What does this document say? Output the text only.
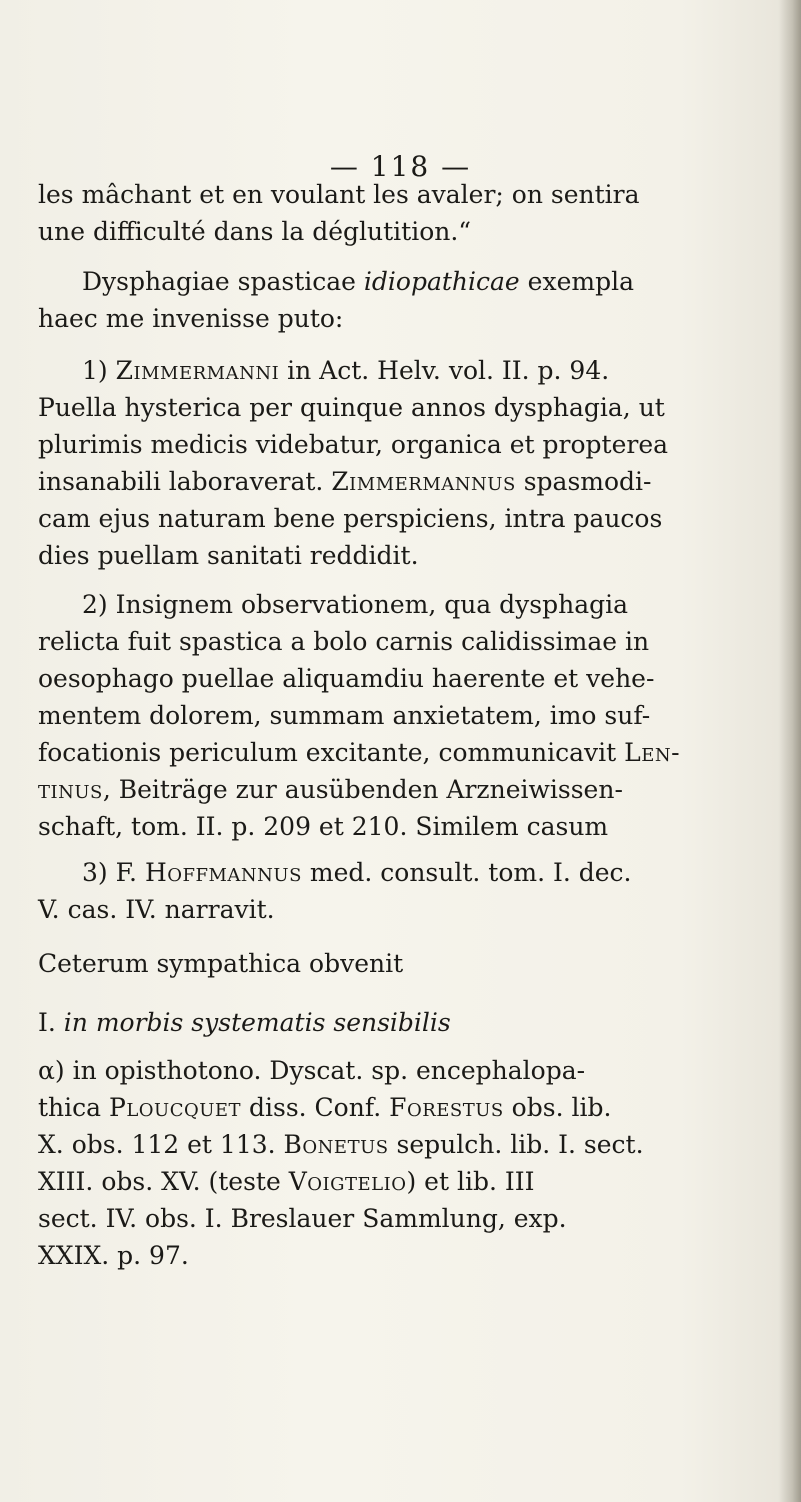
— 118 —

les mâchant et en voulant les avaler; on sentira
une difficulté dans la déglutition.“

Dysphagiae spasticae idiopathicae exempla
haec me invenisse puto:

1) Zimmermanni in Act. Helv. vol. II. p. 94.
Puella hysterica per quinque annos dysphagia, ut
plurimis medicis videbatur, organica et propterea
insanabili laboraverat. Zimmermannus spasmodi-
cam ejus naturam bene perspiciens, intra paucos
dies puellam sanitati reddidit.

2) Insignem observationem, qua dysphagia
relicta fuit spastica a bolo carnis calidissimae in
oesophago puellae aliquamdiu haerente et vehe-
mentem dolorem, summam anxietatem, imo suf-
focationis periculum excitante, communicavit Len-
tinus, Beiträge zur ausübenden Arzneiwissen-
schaft, tom. II. p. 209 et 210. Similem casum

3) F. Hoffmannus med. consult. tom. I. dec.
V. cas. IV. narravit.

Ceterum sympathica obvenit

I. in morbis systematis sensibilis

α) in opisthotono. Dyscat. sp. encephalopa-
thica Ploucquet diss. Conf. Forestus obs. lib.
X. obs. 112 et 113. Bonetus sepulch. lib. I. sect.
XIII. obs. XV. (teste Voigtelio) et lib. III
sect. IV. obs. I. Breslauer Sammlung, exp.
XXIX. p. 97.
